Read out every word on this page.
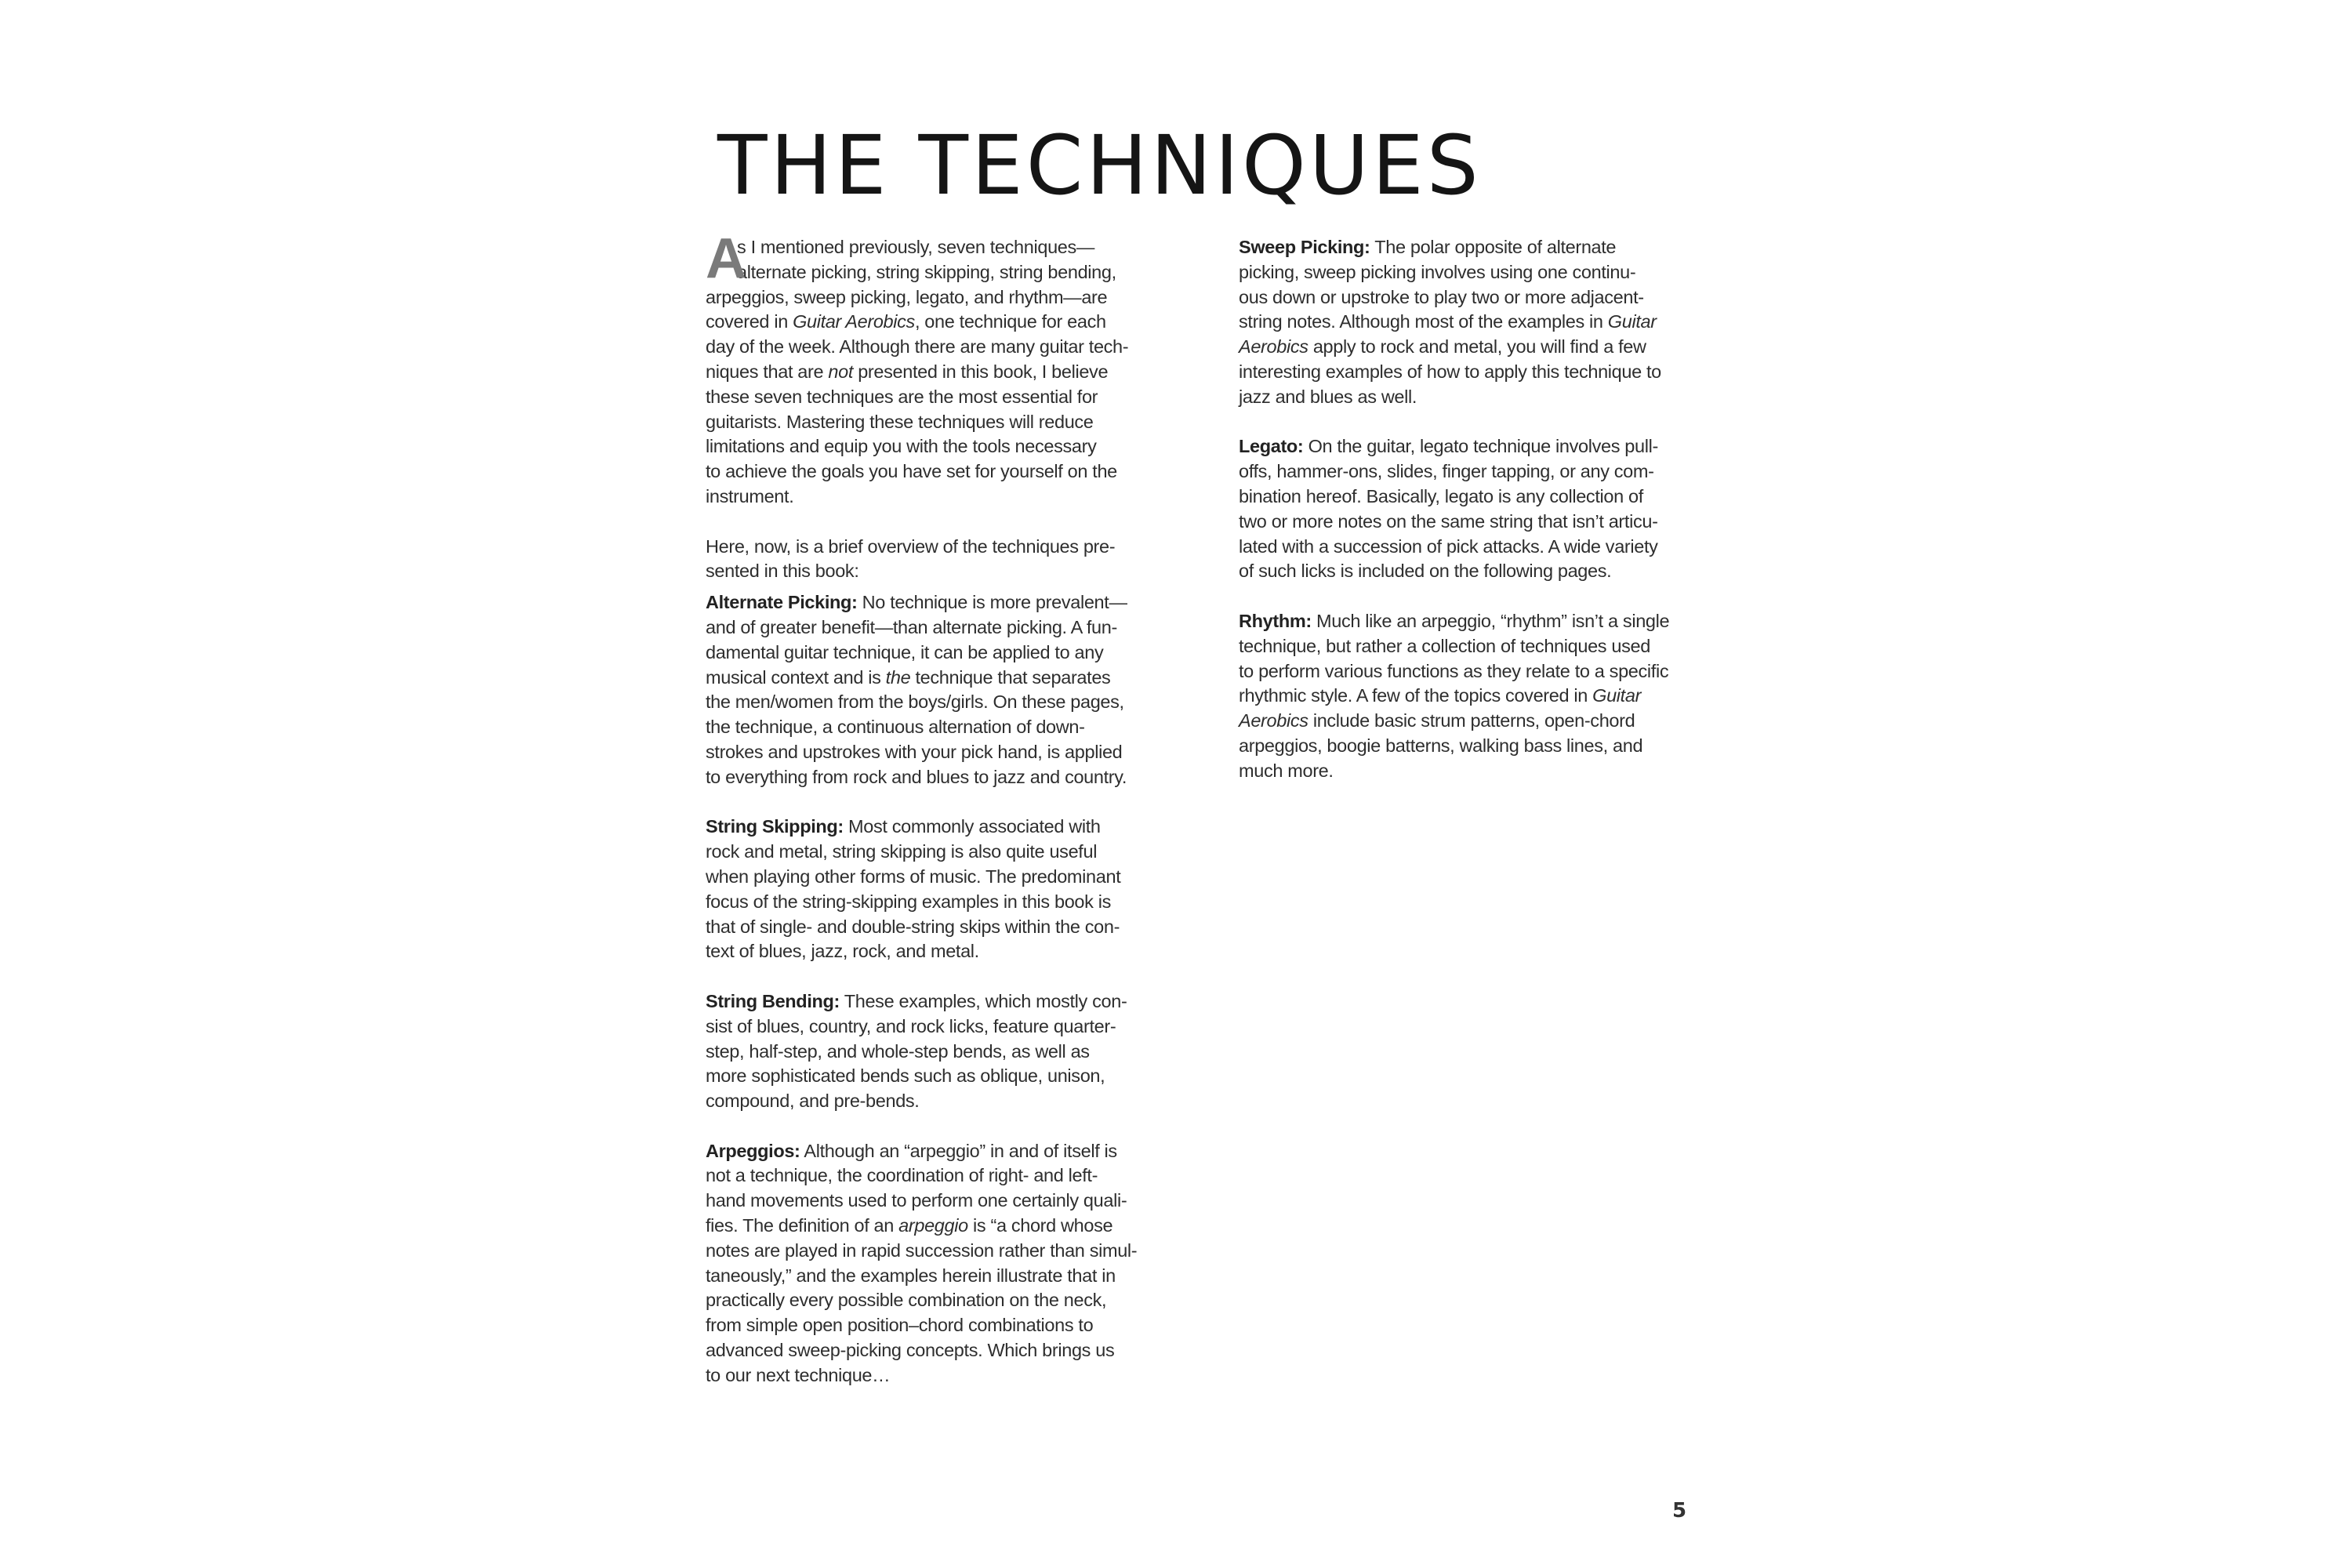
THE TECHNIQUES
A
s I mentioned previously, seven techniques—
alternate picking, string skipping, string bending,
arpeggios, sweep picking, legato, and rhythm—are
covered in Guitar Aerobics, one technique for each
day of the week. Although there are many guitar tech-
niques that are not presented in this book, I believe
these seven techniques are the most essential for
guitarists. Mastering these techniques will reduce
limitations and equip you with the tools necessary
to achieve the goals you have set for yourself on the
instrument.
Here, now, is a brief overview of the techniques pre-
sented in this book:
Alternate Picking: No technique is more prevalent—
and of greater benefit—than alternate picking. A fun-
damental guitar technique, it can be applied to any
musical context and is the technique that separates
the men/women from the boys/girls. On these pages,
the technique, a continuous alternation of down-
strokes and upstrokes with your pick hand, is applied
to everything from rock and blues to jazz and country.
String Skipping: Most commonly associated with
rock and metal, string skipping is also quite useful
when playing other forms of music. The predominant
focus of the string-skipping examples in this book is
that of single- and double-string skips within the con-
text of blues, jazz, rock, and metal.
String Bending: These examples, which mostly con-
sist of blues, country, and rock licks, feature quarter-
step, half-step, and whole-step bends, as well as
more sophisticated bends such as oblique, unison,
compound, and pre-bends.
Arpeggios: Although an “arpeggio” in and of itself is
not a technique, the coordination of right- and left-
hand movements used to perform one certainly quali-
fies. The definition of an arpeggio is “a chord whose
notes are played in rapid succession rather than simul-
taneously,” and the examples herein illustrate that in
practically every possible combination on the neck,
from simple open position–chord combinations to
advanced sweep-picking concepts. Which brings us
to our next technique…
Sweep Picking: The polar opposite of alternate
picking, sweep picking involves using one continu-
ous down or upstroke to play two or more adjacent-
string notes. Although most of the examples in Guitar
Aerobics apply to rock and metal, you will find a few
interesting examples of how to apply this technique to
jazz and blues as well.
Legato: On the guitar, legato technique involves pull-
offs, hammer-ons, slides, finger tapping, or any com-
bination hereof. Basically, legato is any collection of
two or more notes on the same string that isn’t articu-
lated with a succession of pick attacks. A wide variety
of such licks is included on the following pages.
Rhythm: Much like an arpeggio, “rhythm” isn’t a single
technique, but rather a collection of techniques used
to perform various functions as they relate to a specific
rhythmic style. A few of the topics covered in Guitar
Aerobics include basic strum patterns, open-chord
arpeggios, boogie batterns, walking bass lines, and
much more.
5
